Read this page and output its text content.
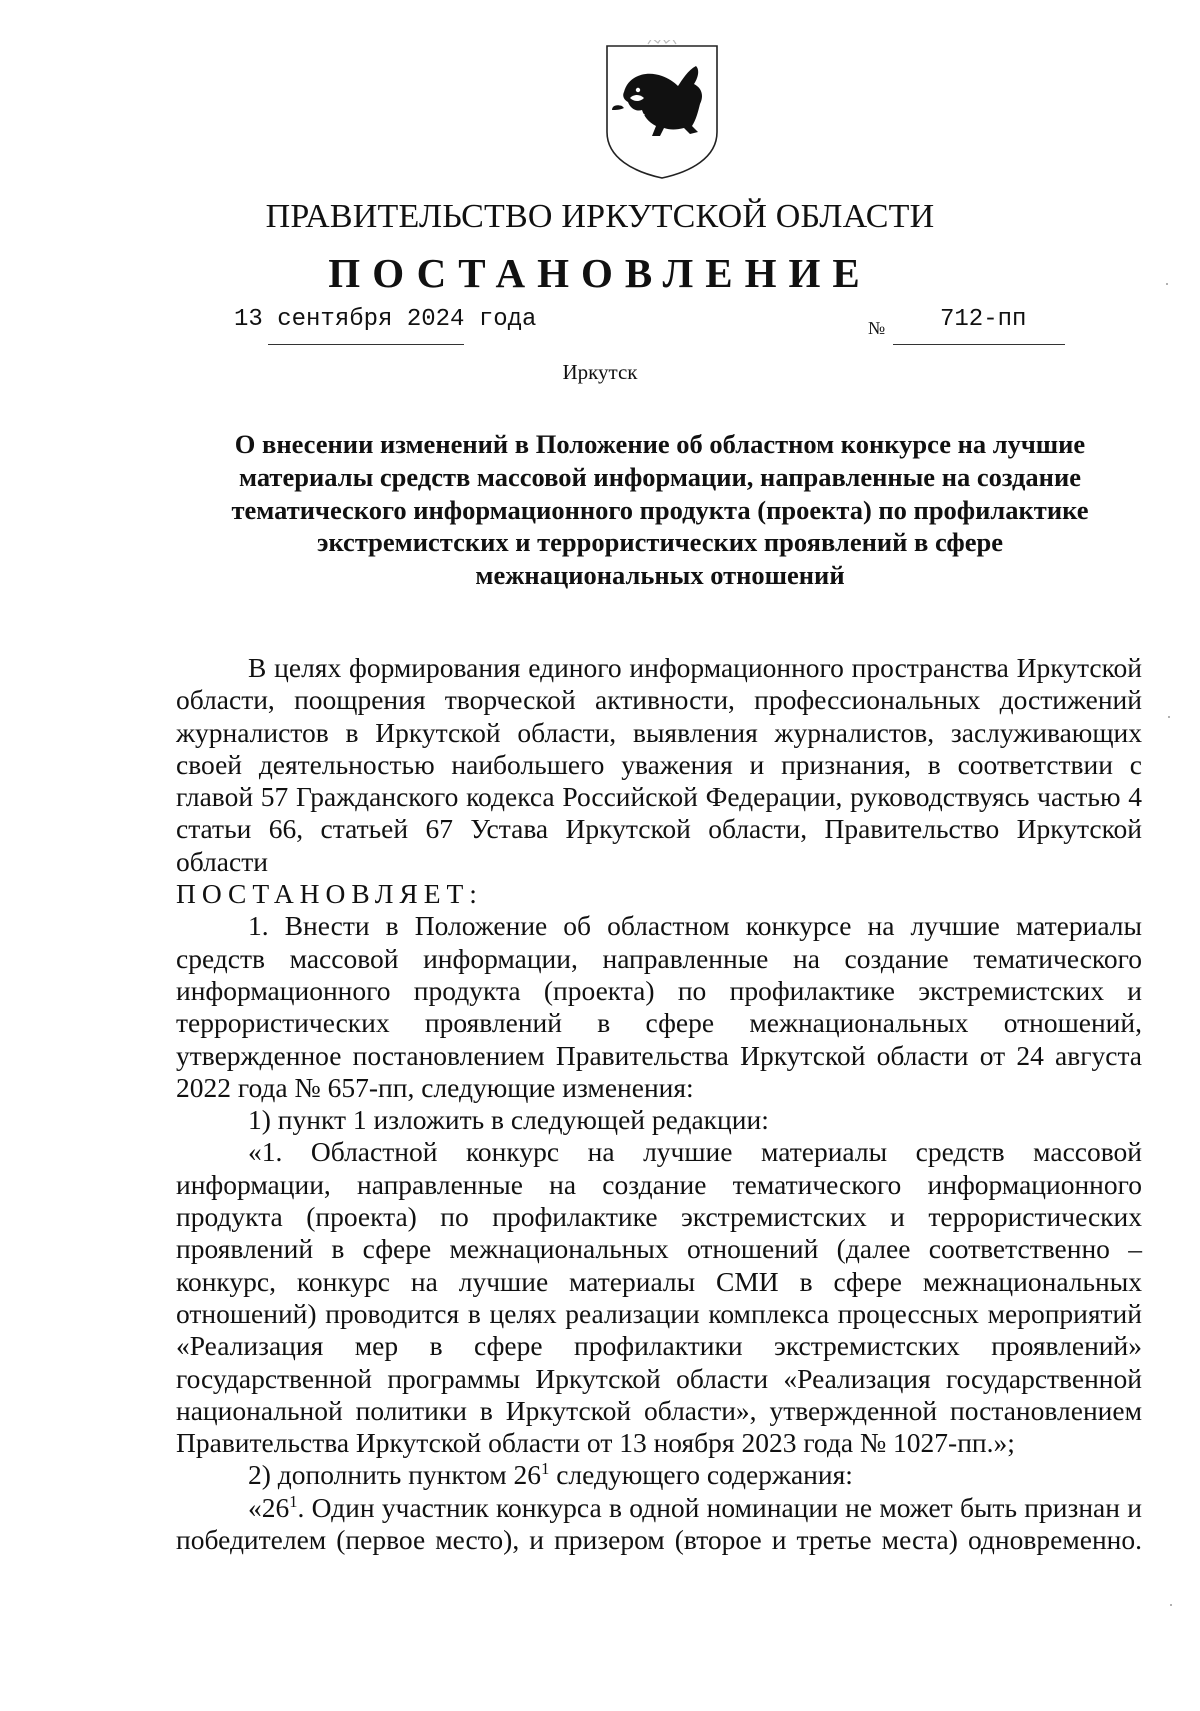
ПРАВИТЕЛЬСТВО ИРКУТСКОЙ ОБЛАСТИ
ПОСТАНОВЛЕНИЕ
13 сентября 2024 года	№ 712-пп
Иркутск
О внесении изменений в Положение об областном конкурсе на лучшие
материалы средств массовой информации, направленные на создание
тематического информационного продукта (проекта) по профилактике
экстремистских и террористических проявлений в сфере
межнациональных отношений

В целях формирования единого информационного пространства Иркутской области, поощрения творческой активности, профессиональных достижений журналистов в Иркутской области, выявления журналистов, заслуживающих своей деятельностью наибольшего уважения и признания, в соответствии с главой 57 Гражданского кодекса Российской Федерации, руководствуясь частью 4 статьи 66, статьей 67 Устава Иркутской области, Правительство Иркутской области

ПОСТАНОВЛЯЕТ:

1. Внести в Положение об областном конкурсе на лучшие материалы средств массовой информации, направленные на создание тематического информационного продукта (проекта) по профилактике экстремистских и террористических проявлений в сфере межнациональных отношений, утвержденное постановлением Правительства Иркутской области от 24 августа 2022 года № 657-пп, следующие изменения:

1) пункт 1 изложить в следующей редакции:

«1. Областной конкурс на лучшие материалы средств массовой информации, направленные на создание тематического информационного продукта (проекта) по профилактике экстремистских и террористических проявлений в сфере межнациональных отношений (далее соответственно – конкурс, конкурс на лучшие материалы СМИ в сфере межнациональных отношений) проводится в целях реализации комплекса процессных мероприятий «Реализация мер в сфере профилактики экстремистских проявлений» государственной программы Иркутской области «Реализация государственной национальной политики в Иркутской области», утвержденной постановлением Правительства Иркутской области от 13 ноября 2023 года № 1027-пп.»;

2) дополнить пунктом $26^1$ следующего содержания:

«$26^1$. Один участник конкурса в одной номинации не может быть признан и победителем (первое место), и призером (второе и третье места) одновременно.
